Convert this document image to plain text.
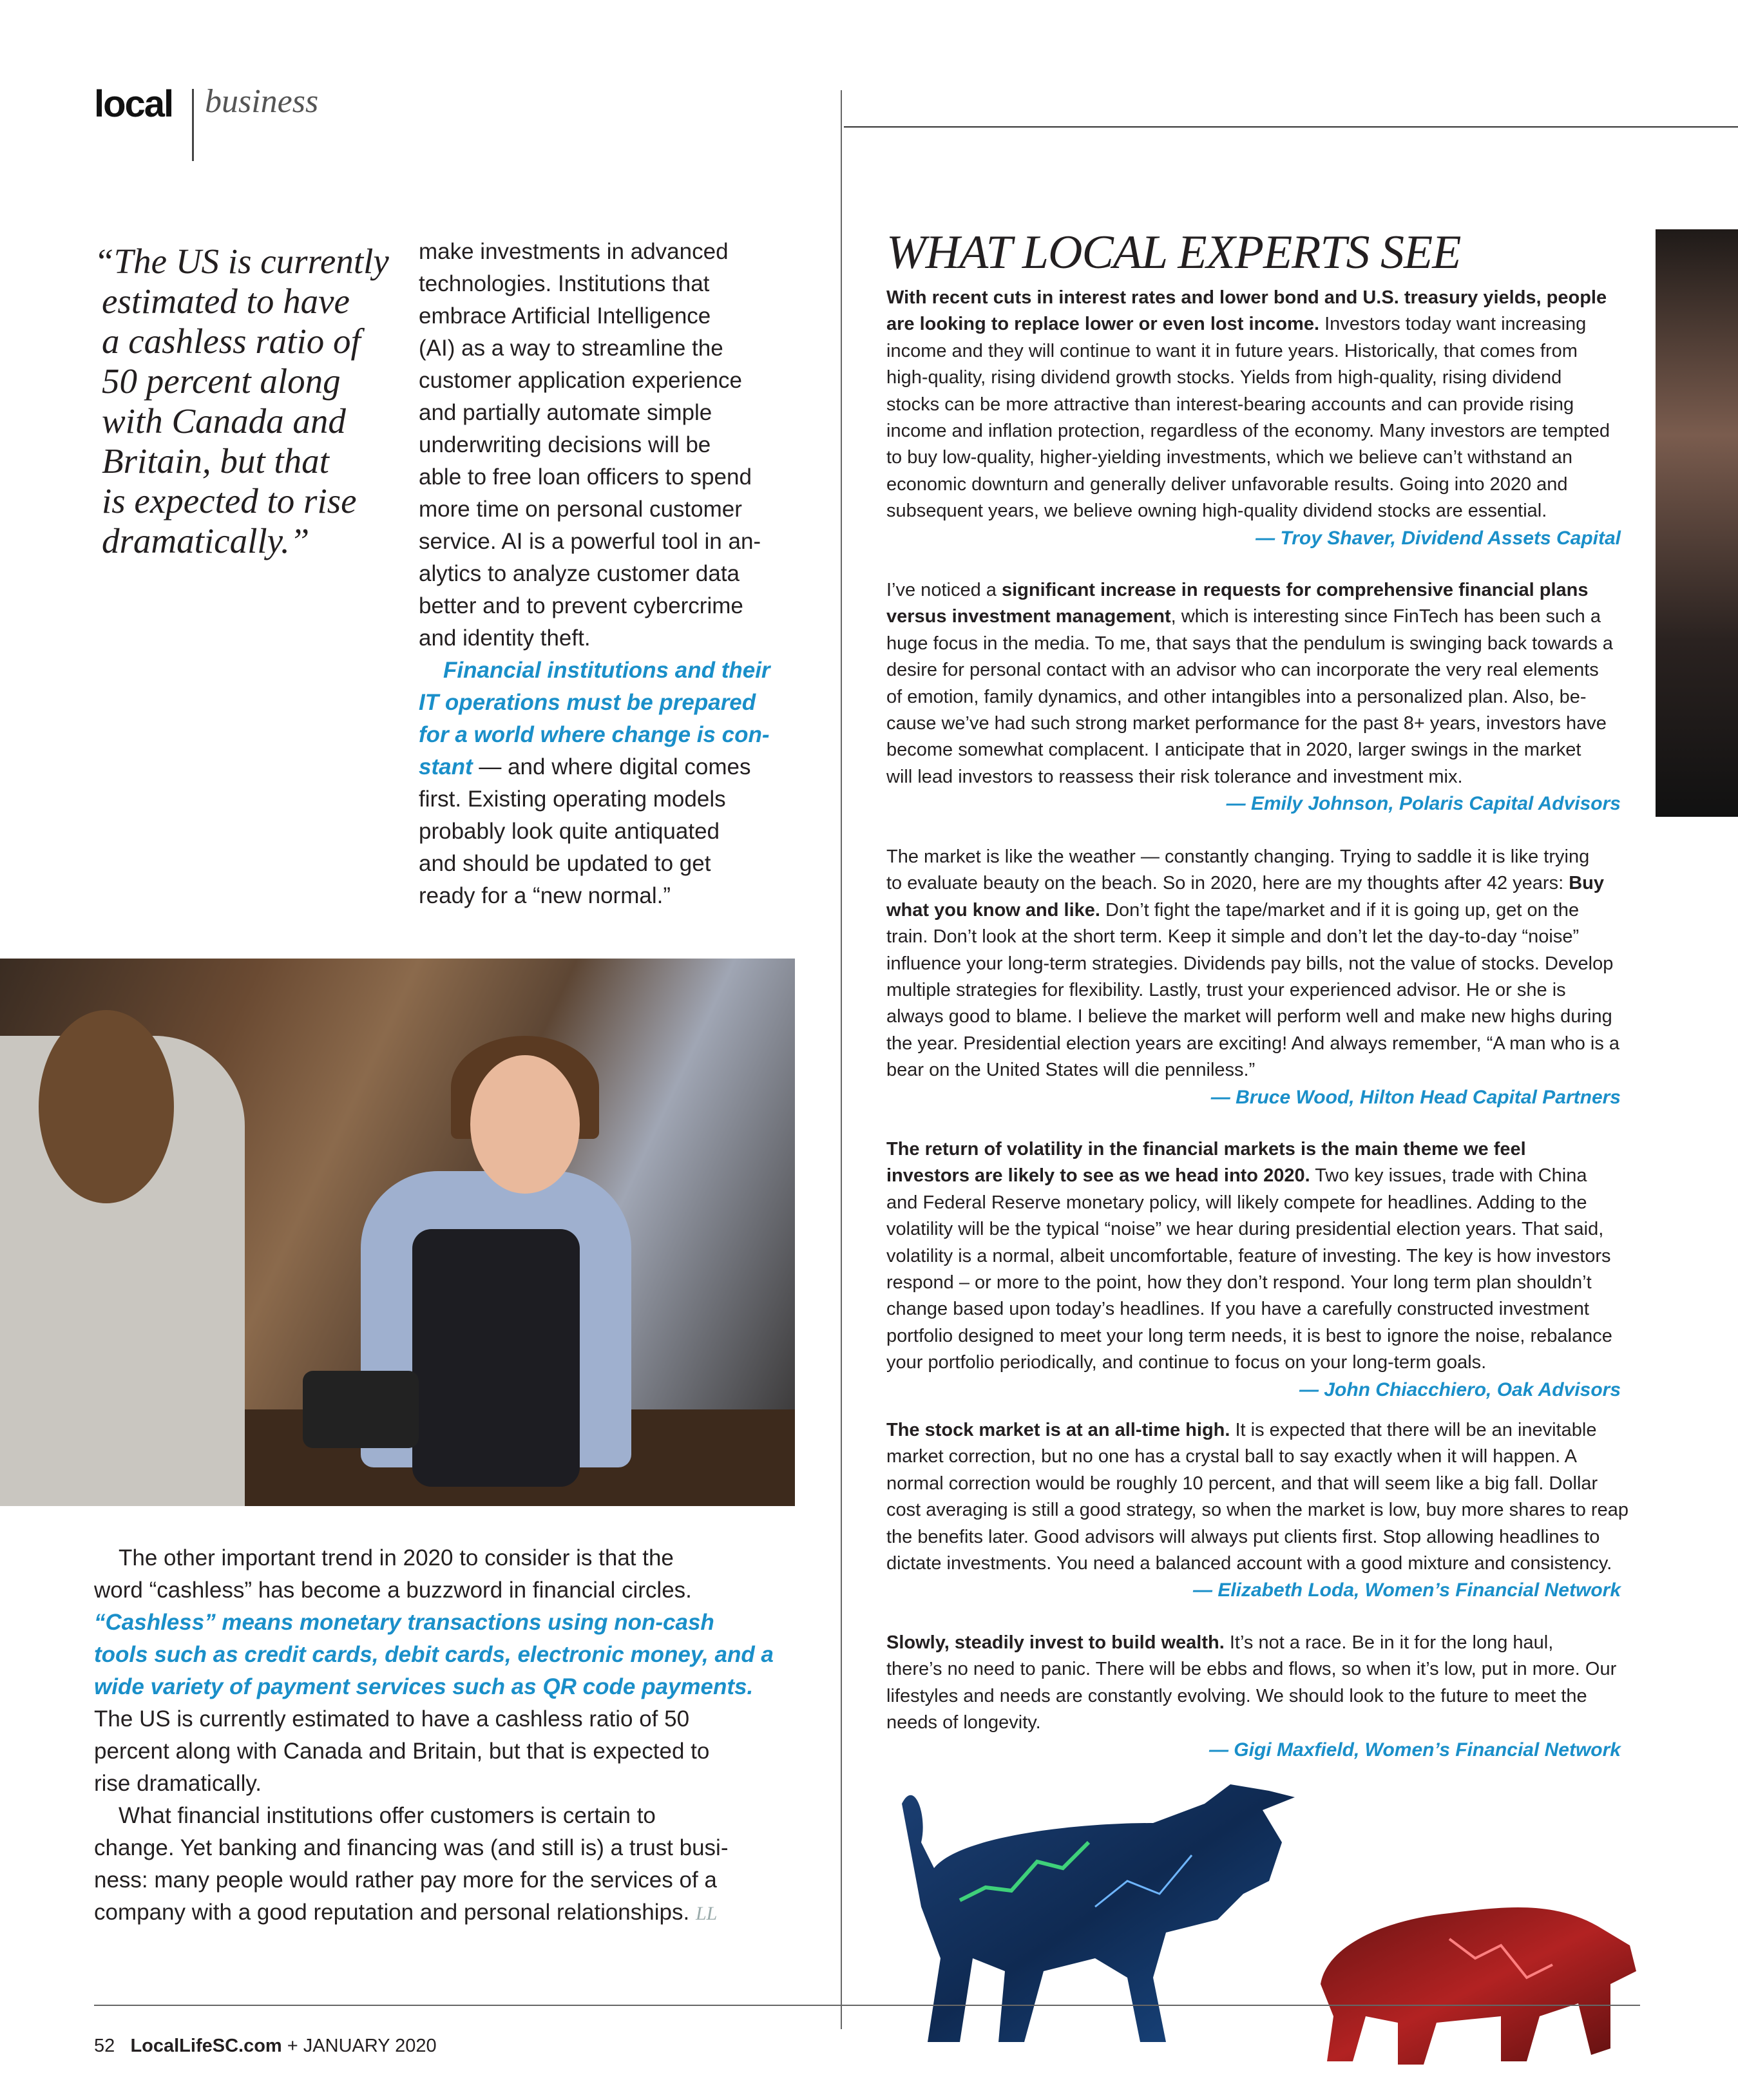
local business
“The US is currently
estimated to have
a cashless ratio of
50 percent along
with Canada and
Britain, but that
is expected to rise
dramatically.”
make investments in advanced
technologies. Institutions that
embrace Artificial Intelligence
(AI) as a way to streamline the
customer application experience
and partially automate simple
underwriting decisions will be
able to free loan officers to spend
more time on personal customer
service. AI is a powerful tool in an-
alytics to analyze customer data
better and to prevent cybercrime
and identity theft.
Financial institutions and their
IT operations must be prepared
for a world where change is con-
stant — and where digital comes
first. Existing operating models
probably look quite antiquated
and should be updated to get
ready for a “new normal.”
The other important trend in 2020 to consider is that the
word “cashless” has become a buzzword in financial circles.
“Cashless” means monetary transactions using non-cash
tools such as credit cards, debit cards, electronic money, and a
wide variety of payment services such as QR code payments.
The US is currently estimated to have a cashless ratio of 50
percent along with Canada and Britain, but that is expected to
rise dramatically.
What financial institutions offer customers is certain to
change. Yet banking and financing was (and still is) a trust busi-
ness: many people would rather pay more for the services of a
company with a good reputation and personal relationships. LL
WHAT LOCAL EXPERTS SEE
With recent cuts in interest rates and lower bond and U.S. treasury yields, people
are looking to replace lower or even lost income. Investors today want increasing
income and they will continue to want it in future years. Historically, that comes from
high-quality, rising dividend growth stocks. Yields from high-quality, rising dividend
stocks can be more attractive than interest-bearing accounts and can provide rising
income and inflation protection, regardless of the economy. Many investors are tempted
to buy low-quality, higher-yielding investments, which we believe can’t withstand an
economic downturn and generally deliver unfavorable results. Going into 2020 and
subsequent years, we believe owning high-quality dividend stocks are essential.
— Troy Shaver, Dividend Assets Capital
I’ve noticed a significant increase in requests for comprehensive financial plans
versus investment management, which is interesting since FinTech has been such a
huge focus in the media. To me, that says that the pendulum is swinging back towards a
desire for personal contact with an advisor who can incorporate the very real elements
of emotion, family dynamics, and other intangibles into a personalized plan. Also, be-
cause we’ve had such strong market performance for the past 8+ years, investors have
become somewhat complacent. I anticipate that in 2020, larger swings in the market
will lead investors to reassess their risk tolerance and investment mix.
— Emily Johnson, Polaris Capital Advisors
The market is like the weather — constantly changing. Trying to saddle it is like trying
to evaluate beauty on the beach. So in 2020, here are my thoughts after 42 years: Buy
what you know and like. Don’t fight the tape/market and if it is going up, get on the
train. Don’t look at the short term. Keep it simple and don’t let the day-to-day “noise”
influence your long-term strategies. Dividends pay bills, not the value of stocks. Develop
multiple strategies for flexibility. Lastly, trust your experienced advisor. He or she is
always good to blame. I believe the market will perform well and make new highs during
the year. Presidential election years are exciting! And always remember, “A man who is a
bear on the United States will die penniless.”
— Bruce Wood, Hilton Head Capital Partners
The return of volatility in the financial markets is the main theme we feel
investors are likely to see as we head into 2020. Two key issues, trade with China
and Federal Reserve monetary policy, will likely compete for headlines. Adding to the
volatility will be the typical “noise” we hear during presidential election years. That said,
volatility is a normal, albeit uncomfortable, feature of investing. The key is how investors
respond – or more to the point, how they don’t respond. Your long term plan shouldn’t
change based upon today’s headlines. If you have a carefully constructed investment
portfolio designed to meet your long term needs, it is best to ignore the noise, rebalance
your portfolio periodically, and continue to focus on your long-term goals.
— John Chiacchiero, Oak Advisors
The stock market is at an all-time high. It is expected that there will be an inevitable
market correction, but no one has a crystal ball to say exactly when it will happen. A
normal correction would be roughly 10 percent, and that will seem like a big fall. Dollar
cost averaging is still a good strategy, so when the market is low, buy more shares to reap
the benefits later. Good advisors will always put clients first. Stop allowing headlines to
dictate investments. You need a balanced account with a good mixture and consistency.
— Elizabeth Loda, Women’s Financial Network
Slowly, steadily invest to build wealth. It’s not a race. Be in it for the long haul,
there’s no need to panic. There will be ebbs and flows, so when it’s low, put in more. Our
lifestyles and needs are constantly evolving. We should look to the future to meet the
needs of longevity.
— Gigi Maxfield, Women’s Financial Network
52 LocalLifeSC.com + JANUARY 2020
